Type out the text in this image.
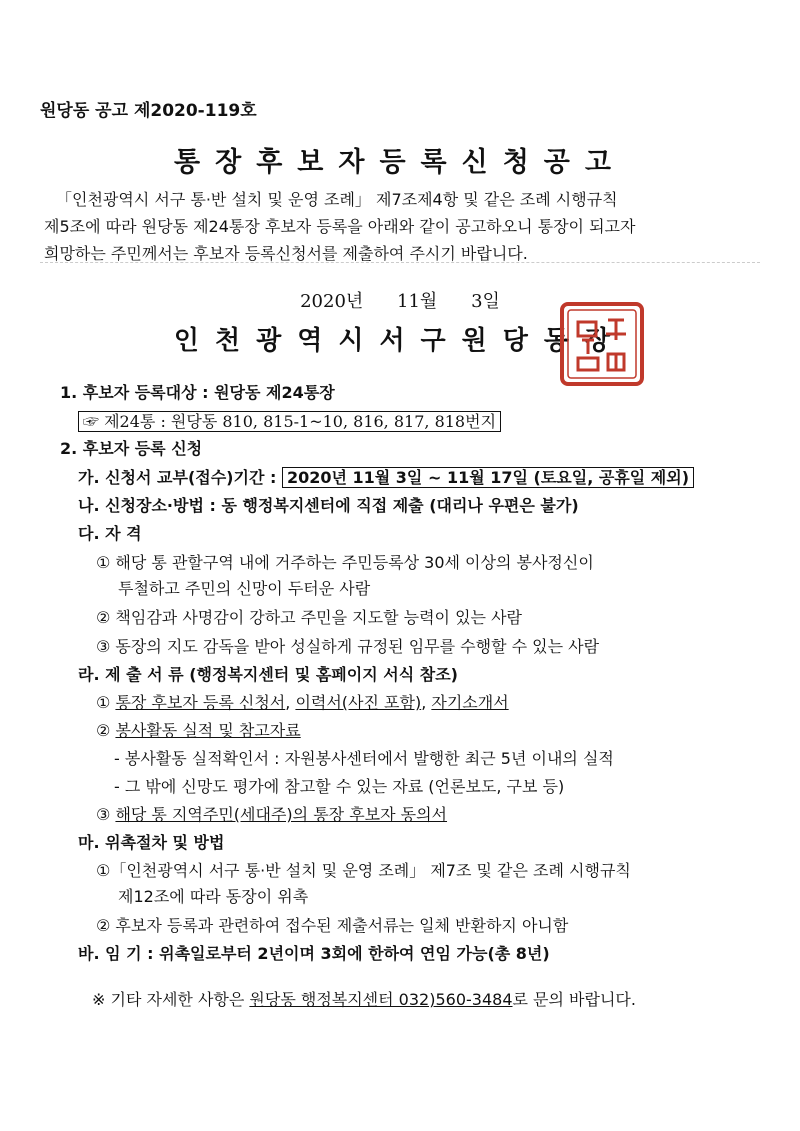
원당동 공고 제2020-119호
통장후보자등록신청공고
「인천광역시 서구 통·반 설치 및 운영 조례」 제7조제4항 및 같은 조례 시행규칙
제5조에 따라 원당동 제24통장 후보자 등록을 아래와 같이 공고하오니 통장이 되고자
희망하는 주민께서는 후보자 등록신청서를 제출하여 주시기 바랍니다.
2020년 11월 3일
인천광역시서구원당동장
1. 후보자 등록대상 : 원당동 제24통장
☞ 제24통 : 원당동 810, 815-1~10, 816, 817, 818번지
2. 후보자 등록 신청
가. 신청서 교부(접수)기간 : 2020년 11월 3일 ~ 11월 17일 (토요일, 공휴일 제외)
나. 신청장소·방법 : 동 행정복지센터에 직접 제출 (대리나 우편은 불가)
다. 자 격
① 해당 통 관할구역 내에 거주하는 주민등록상 30세 이상의 봉사정신이
투철하고 주민의 신망이 두터운 사람
② 책임감과 사명감이 강하고 주민을 지도할 능력이 있는 사람
③ 동장의 지도 감독을 받아 성실하게 규정된 임무를 수행할 수 있는 사람
라. 제 출 서 류 (행정복지센터 및 홈페이지 서식 참조)
① 통장 후보자 등록 신청서, 이력서(사진 포함), 자기소개서
② 봉사활동 실적 및 참고자료
- 봉사활동 실적확인서 : 자원봉사센터에서 발행한 최근 5년 이내의 실적
- 그 밖에 신망도 평가에 참고할 수 있는 자료 (언론보도, 구보 등)
③ 해당 통 지역주민(세대주)의 통장 후보자 동의서
마. 위촉절차 및 방법
①「인천광역시 서구 통·반 설치 및 운영 조례」 제7조 및 같은 조례 시행규칙
제12조에 따라 동장이 위촉
② 후보자 등록과 관련하여 접수된 제출서류는 일체 반환하지 아니함
바. 임 기 : 위촉일로부터 2년이며 3회에 한하여 연임 가능(총 8년)
※ 기타 자세한 사항은 원당동 행정복지센터 032)560-3484로 문의 바랍니다.
